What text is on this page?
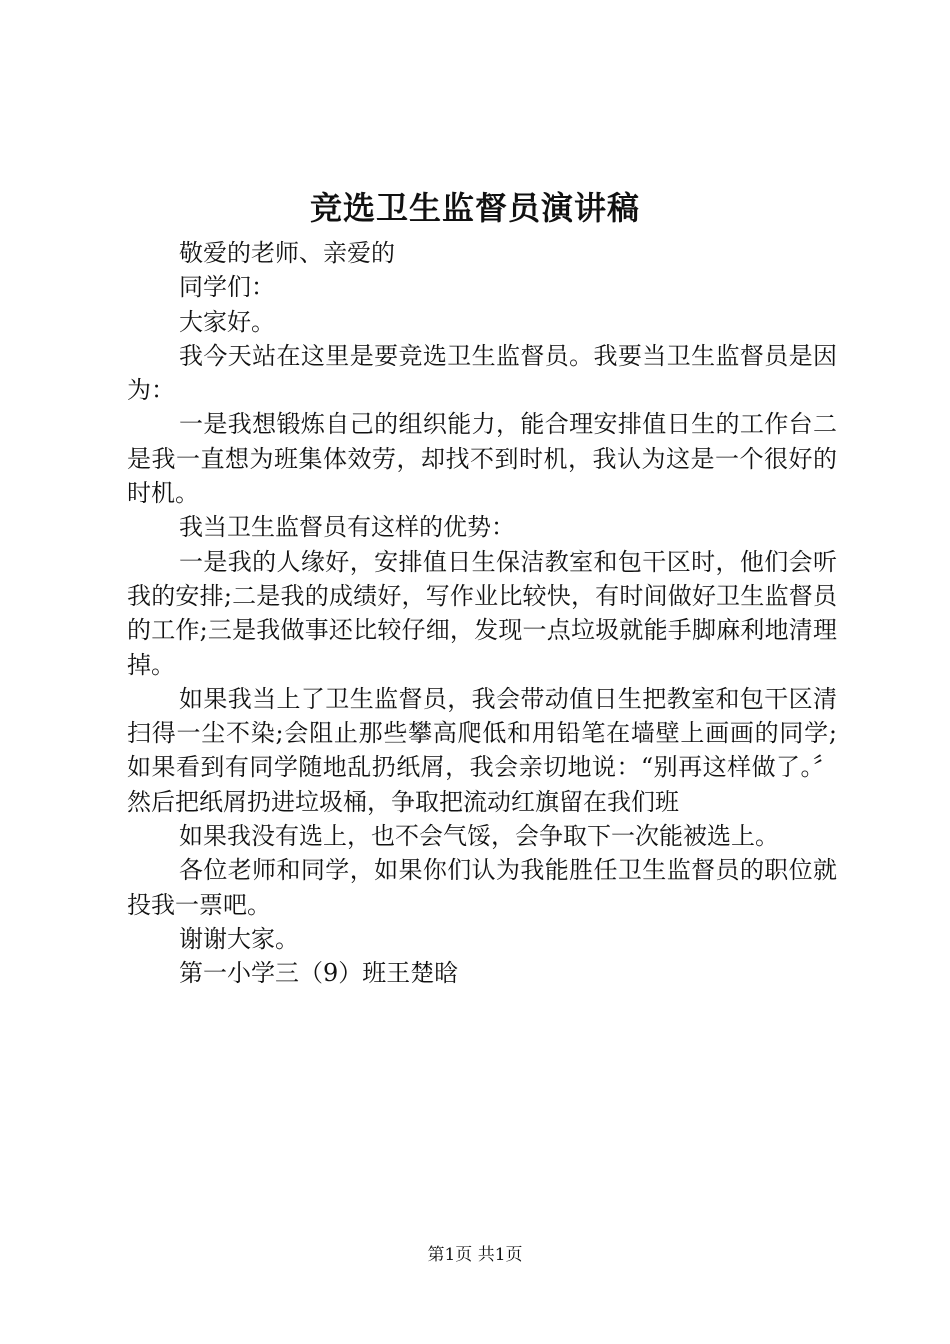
竞选卫生监督员演讲稿

敬爱的老师、亲爱的

同学们：

大家好。

我今天站在这里是要竞选卫生监督员。我要当卫生监督员是因为：

一是我想锻炼自己的组织能力，能合理安排值日生的工作台二是我一直想为班集体效劳，却找不到时机，我认为这是一个很好的时机。

我当卫生监督员有这样的优势：

一是我的人缘好，安排值日生保洁教室和包干区时，他们会听我的安排;二是我的成绩好，写作业比较快，有时间做好卫生监督员的工作;三是我做事还比较仔细，发现一点垃圾就能手脚麻利地清理掉。

如果我当上了卫生监督员，我会带动值日生把教室和包干区清扫得一尘不染;会阻止那些攀高爬低和用铅笔在墙壁上画画的同学;如果看到有同学随地乱扔纸屑，我会亲切地说：“别再这样做了。〞然后把纸屑扔进垃圾桶，争取把流动红旗留在我们班

如果我没有选上，也不会气馁，会争取下一次能被选上。

各位老师和同学，如果你们认为我能胜任卫生监督员的职位就投我一票吧。

谢谢大家。

第一小学三（9）班王楚晗

第1页 共1页
